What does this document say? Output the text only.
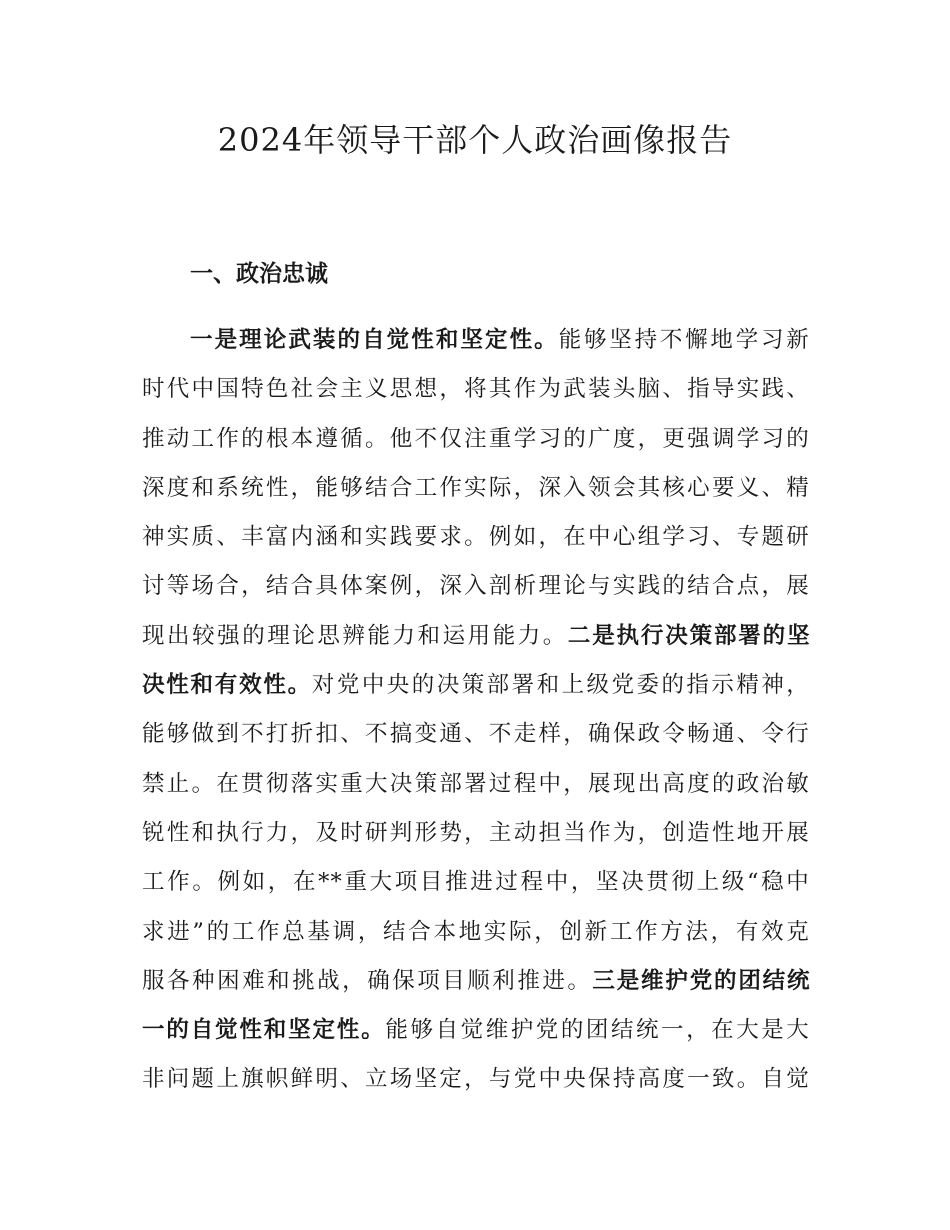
2024年领导干部个人政治画像报告
一、政治忠诚
一是理论武装的自觉性和坚定性。能够坚持不懈地学习新
时代中国特色社会主义思想，将其作为武装头脑、指导实践、
推动工作的根本遵循。他不仅注重学习的广度，更强调学习的
深度和系统性，能够结合工作实际，深入领会其核心要义、精
神实质、丰富内涵和实践要求。例如，在中心组学习、专题研
讨等场合，结合具体案例，深入剖析理论与实践的结合点，展
现出较强的理论思辨能力和运用能力。二是执行决策部署的坚
决性和有效性。对党中央的决策部署和上级党委的指示精神，
能够做到不打折扣、不搞变通、不走样，确保政令畅通、令行
禁止。在贯彻落实重大决策部署过程中，展现出高度的政治敏
锐性和执行力，及时研判形势，主动担当作为，创造性地开展
工作。例如，在**重大项目推进过程中，坚决贯彻上级“稳中
求进”的工作总基调，结合本地实际，创新工作方法，有效克
服各种困难和挑战，确保项目顺利推进。三是维护党的团结统
一的自觉性和坚定性。能够自觉维护党的团结统一，在大是大
非问题上旗帜鲜明、立场坚定，与党中央保持高度一致。自觉
